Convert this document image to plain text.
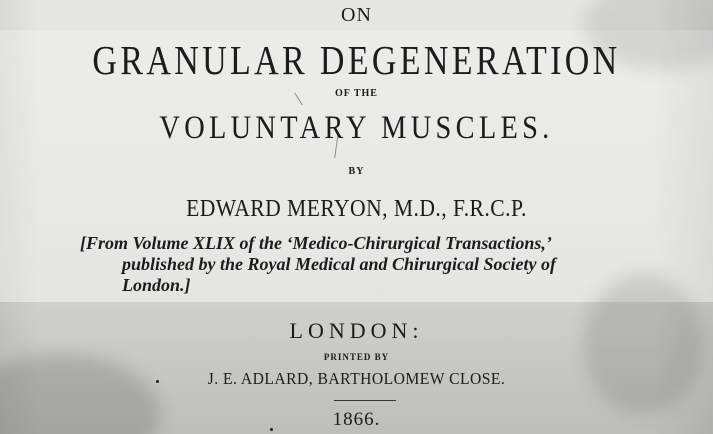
ON
GRANULAR DEGENERATION
OF THE
VOLUNTARY MUSCLES.
BY
EDWARD MERYON, M.D., F.R.C.P.
[From Volume XLIX of the ‘Medico-Chirurgical Transactions,’
published by the Royal Medical and Chirurgical Society of
London.]
LONDON:
PRINTED BY
J. E. ADLARD, BARTHOLOMEW CLOSE.
1866.
